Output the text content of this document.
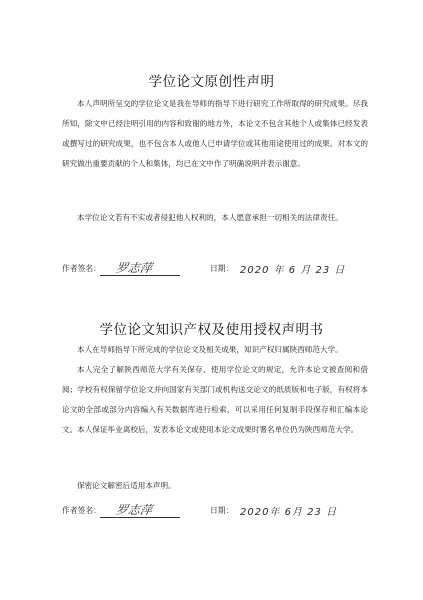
学位论文原创性声明

本人声明所呈交的学位论文是我在导师的指导下进行研究工作所取得的研究成果。尽我所知，除文中已经注明引用的内容和致谢的地方外，本论文不包含其他个人或集体已经发表或撰写过的研究成果，也不包含本人或他人已申请学位或其他用途使用过的成果。对本文的研究做出重要贡献的个人和集体，均已在文中作了明确说明并表示谢意。

本学位论文若有不实或者侵犯他人权利的，本人愿意承担一切相关的法律责任。

作者签名： 罗志萍	日期： 2020 年 6 月 23 日
学位论文知识产权及使用授权声明书

本人在导师指导下所完成的学位论文及相关成果，知识产权归属陕西师范大学。

本人完全了解陕西师范大学有关保存、使用学位论文的规定，允许本论文被查阅和借阅；学校有权保留学位论文并向国家有关部门或机构送交论文的纸质版和电子版，有权将本论文的全部或部分内容编入有关数据库进行检索，可以采用任何复制手段保存和汇编本论文。本人保证毕业离校后，发表本论文或使用本论文成果时署名单位仍为陕西师范大学。

保密论文解密后适用本声明。

作者签名： 罗志萍	日期： 2020年 6月 23 日
